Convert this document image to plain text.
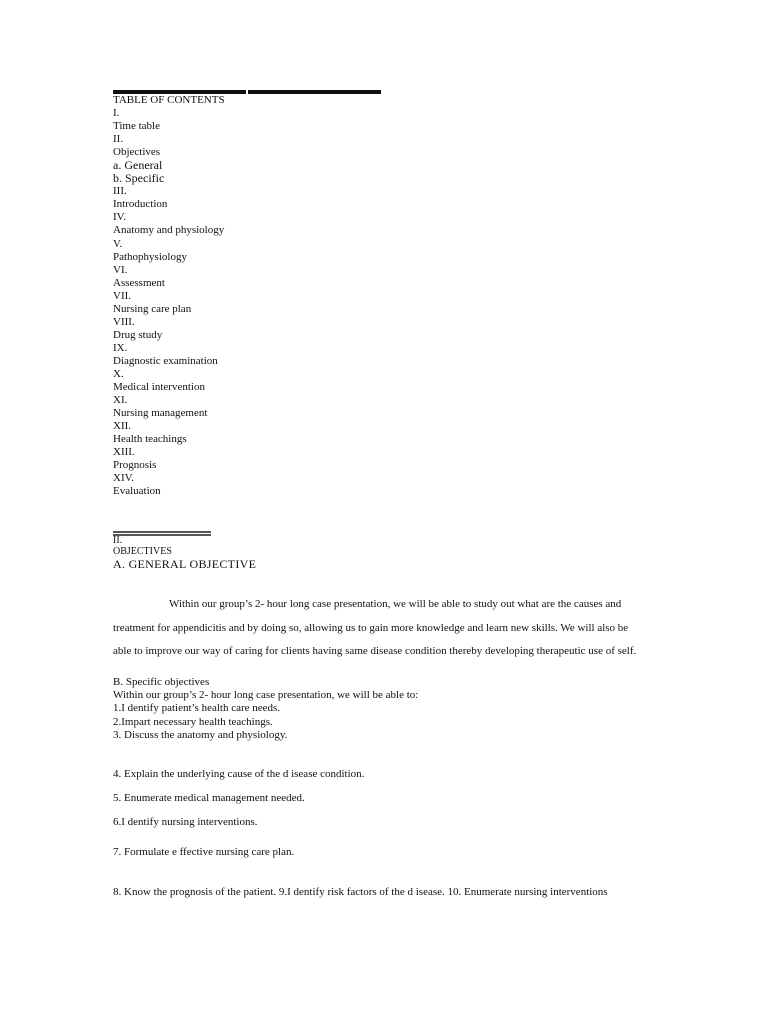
TABLE OF CONTENTS
I.
Time table
II.
Objectives
a. General
b. Specific
III.
Introduction
IV.
Anatomy and physiology
V.
Pathophysiology
VI.
Assessment
VII.
Nursing care plan
VIII.
Drug study
IX.
Diagnostic examination
X.
Medical intervention
XI.
Nursing management
XII.
Health teachings
XIII.
Prognosis
XIV.
Evaluation
II.
OBJECTIVES
A. GENERAL OBJECTIVE
Within our group’s 2- hour long case presentation, we will be able to study out what are the causes and
treatment for appendicitis and by doing so, allowing us to gain more knowledge and learn new skills. We will also be
able to improve our way of caring for clients having same disease condition thereby developing therapeutic use of self.
B. Specific objectives
Within our group’s 2- hour long case presentation, we will be able to:
1.I dentify patient’s health care needs.
2.Impart necessary health teachings.
3. Discuss the anatomy and physiology.
4. Explain the underlying cause of the d isease condition.
5. Enumerate medical management needed.
6.I dentify nursing interventions.
7. Formulate e ffective nursing care plan.
8. Know the prognosis of the patient. 9.I dentify risk factors of the d isease. 10. Enumerate nursing interventions
